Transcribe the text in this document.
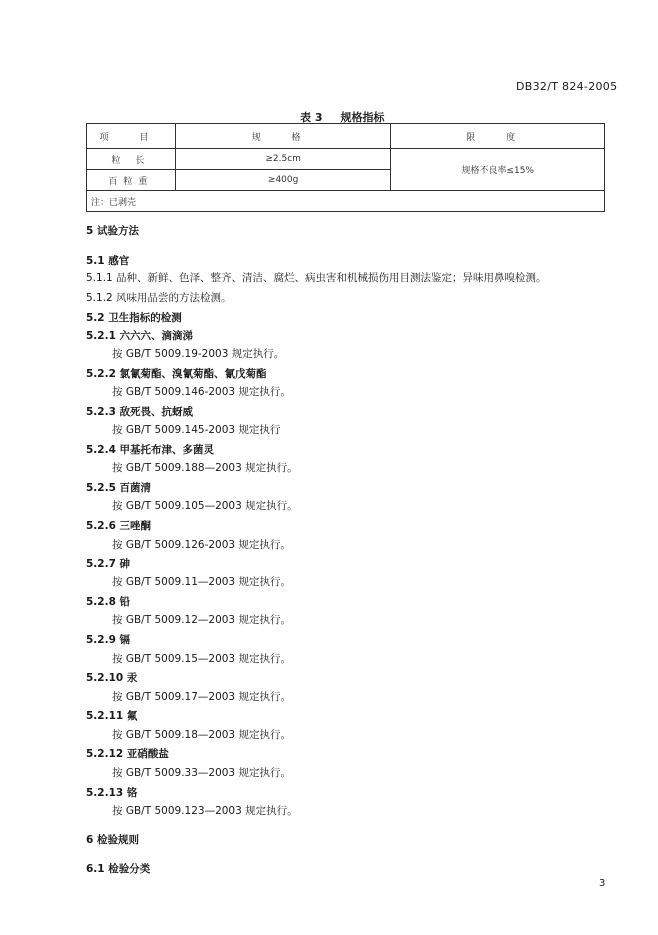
DB32/T 824-2005
表 3 规格指标
项 目	规 格	限 度
粒 长	≥2.5cm	规格不良率≤15%
百粒重	≥400g	
注：已剥壳		
5 试验方法
5.1 感官
5.1.1 品种、新鲜、色泽、整齐、清洁、腐烂、病虫害和机械损伤用目测法鉴定；异味用鼻嗅检测。
5.1.2 风味用品尝的方法检测。
5.2 卫生指标的检测
5.2.1 六六六、滴滴涕
按 GB/T 5009.19-2003 规定执行。
5.2.2 氯氰菊酯、溴氰菊酯、氰戊菊酯
按 GB/T 5009.146-2003 规定执行。
5.2.3 敌死畏、抗蚜威
按 GB/T 5009.145-2003 规定执行
5.2.4 甲基托布津、多菌灵
按 GB/T 5009.188—2003 规定执行。
5.2.5 百菌清
按 GB/T 5009.105—2003 规定执行。
5.2.6 三唑酮
按 GB/T 5009.126-2003 规定执行。
5.2.7 砷
按 GB/T 5009.11—2003 规定执行。
5.2.8 铅
按 GB/T 5009.12—2003 规定执行。
5.2.9 镉
按 GB/T 5009.15—2003 规定执行。
5.2.10 汞
按 GB/T 5009.17—2003 规定执行。
5.2.11 氟
按 GB/T 5009.18—2003 规定执行。
5.2.12 亚硝酸盐
按 GB/T 5009.33—2003 规定执行。
5.2.13 铬
按 GB/T 5009.123—2003 规定执行。
6 检验规则
6.1 检验分类
3
